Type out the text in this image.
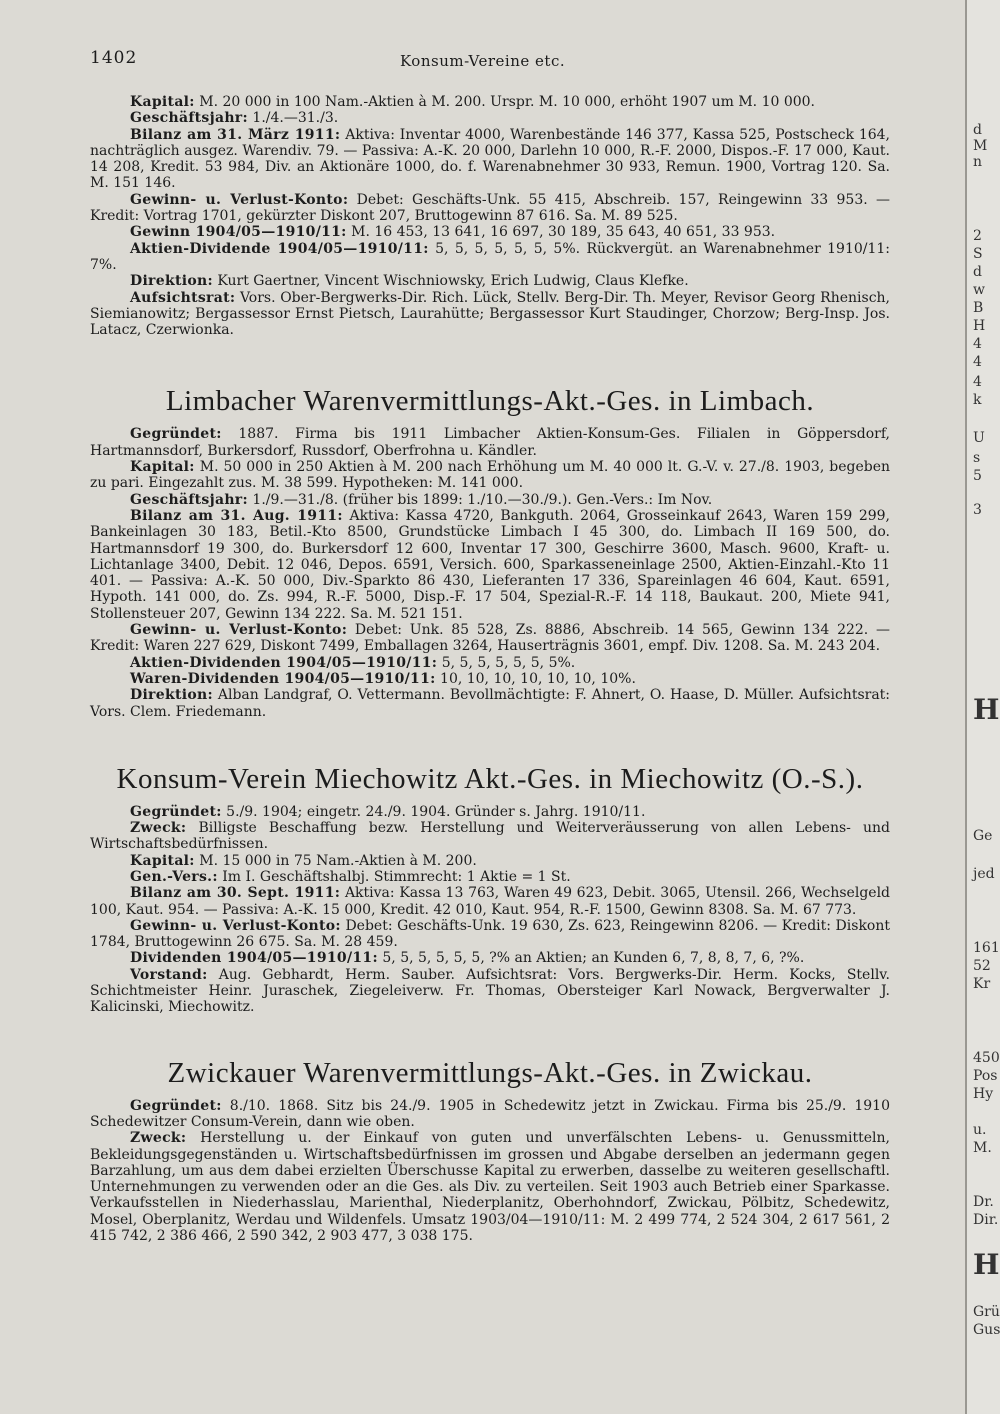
1402	Konsum-Vereine etc.

Kapital: M. 20 000 in 100 Nam.-Aktien à M. 200. Urspr. M. 10 000, erhöht 1907 um M. 10 000.

Geschäftsjahr: 1./4.—31./3.

Bilanz am 31. März 1911: Aktiva: Inventar 4000, Warenbestände 146 377, Kassa 525, Postscheck 164, nachträglich ausgez. Warendiv. 79. — Passiva: A.-K. 20 000, Darlehn 10 000, R.-F. 2000, Dispos.-F. 17 000, Kaut. 14 208, Kredit. 53 984, Div. an Aktionäre 1000, do. f. Warenabnehmer 30 933, Remun. 1900, Vortrag 120. Sa. M. 151 146.

Gewinn- u. Verlust-Konto: Debet: Geschäfts-Unk. 55 415, Abschreib. 157, Reingewinn 33 953. — Kredit: Vortrag 1701, gekürzter Diskont 207, Bruttogewinn 87 616. Sa. M. 89 525.

Gewinn 1904/05—1910/11: M. 16 453, 13 641, 16 697, 30 189, 35 643, 40 651, 33 953.

Aktien-Dividende 1904/05—1910/11: 5, 5, 5, 5, 5, 5, 5%. Rückvergüt. an Warenabnehmer 1910/11: 7%.

Direktion: Kurt Gaertner, Vincent Wischniowsky, Erich Ludwig, Claus Klefke.

Aufsichtsrat: Vors. Ober-Bergwerks-Dir. Rich. Lück, Stellv. Berg-Dir. Th. Meyer, Revisor Georg Rhenisch, Siemianowitz; Bergassessor Ernst Pietsch, Laurahütte; Bergassessor Kurt Staudinger, Chorzow; Berg-Insp. Jos. Latacz, Czerwionka.

Limbacher Warenvermittlungs-Akt.-Ges. in Limbach.

Gegründet: 1887. Firma bis 1911 Limbacher Aktien-Konsum-Ges. Filialen in Göppersdorf, Hartmannsdorf, Burkersdorf, Russdorf, Oberfrohna u. Kändler.

Kapital: M. 50 000 in 250 Aktien à M. 200 nach Erhöhung um M. 40 000 lt. G.-V. v. 27./8. 1903, begeben zu pari. Eingezahlt zus. M. 38 599. Hypotheken: M. 141 000.

Geschäftsjahr: 1./9.—31./8. (früher bis 1899: 1./10.—30./9.). Gen.-Vers.: Im Nov.

Bilanz am 31. Aug. 1911: Aktiva: Kassa 4720, Bankguth. 2064, Grosseinkauf 2643, Waren 159 299, Bankeinlagen 30 183, Betil.-Kto 8500, Grundstücke Limbach I 45 300, do. Limbach II 169 500, do. Hartmannsdorf 19 300, do. Burkersdorf 12 600, Inventar 17 300, Geschirre 3600, Masch. 9600, Kraft- u. Lichtanlage 3400, Debit. 12 046, Depos. 6591, Versich. 600, Sparkasseneinlage 2500, Aktien-Einzahl.-Kto 11 401. — Passiva: A.-K. 50 000, Div.-Sparkto 86 430, Lieferanten 17 336, Spareinlagen 46 604, Kaut. 6591, Hypoth. 141 000, do. Zs. 994, R.-F. 5000, Disp.-F. 17 504, Spezial-R.-F. 14 118, Baukaut. 200, Miete 941, Stollensteuer 207, Gewinn 134 222. Sa. M. 521 151.

Gewinn- u. Verlust-Konto: Debet: Unk. 85 528, Zs. 8886, Abschreib. 14 565, Gewinn 134 222. — Kredit: Waren 227 629, Diskont 7499, Emballagen 3264, Hauserträgnis 3601, empf. Div. 1208. Sa. M. 243 204.

Aktien-Dividenden 1904/05—1910/11: 5, 5, 5, 5, 5, 5, 5%.

Waren-Dividenden 1904/05—1910/11: 10, 10, 10, 10, 10, 10, 10%.

Direktion: Alban Landgraf, O. Vettermann. Bevollmächtigte: F. Ahnert, O. Haase, D. Müller. Aufsichtsrat: Vors. Clem. Friedemann.

Konsum-Verein Miechowitz Akt.-Ges. in Miechowitz (O.-S.).

Gegründet: 5./9. 1904; eingetr. 24./9. 1904. Gründer s. Jahrg. 1910/11.

Zweck: Billigste Beschaffung bezw. Herstellung und Weiterveräusserung von allen Lebens- und Wirtschaftsbedürfnissen.

Kapital: M. 15 000 in 75 Nam.-Aktien à M. 200.

Gen.-Vers.: Im I. Geschäftshalbj. Stimmrecht: 1 Aktie = 1 St.

Bilanz am 30. Sept. 1911: Aktiva: Kassa 13 763, Waren 49 623, Debit. 3065, Utensil. 266, Wechselgeld 100, Kaut. 954. — Passiva: A.-K. 15 000, Kredit. 42 010, Kaut. 954, R.-F. 1500, Gewinn 8308. Sa. M. 67 773.

Gewinn- u. Verlust-Konto: Debet: Geschäfts-Unk. 19 630, Zs. 623, Reingewinn 8206. — Kredit: Diskont 1784, Bruttogewinn 26 675. Sa. M. 28 459.

Dividenden 1904/05—1910/11: 5, 5, 5, 5, 5, 5, ?% an Aktien; an Kunden 6, 7, 8, 8, 7, 6, ?%.

Vorstand: Aug. Gebhardt, Herm. Sauber. Aufsichtsrat: Vors. Bergwerks-Dir. Herm. Kocks, Stellv. Schichtmeister Heinr. Juraschek, Ziegeleiverw. Fr. Thomas, Obersteiger Karl Nowack, Bergverwalter J. Kalicinski, Miechowitz.

Zwickauer Warenvermittlungs-Akt.-Ges. in Zwickau.

Gegründet: 8./10. 1868. Sitz bis 24./9. 1905 in Schedewitz jetzt in Zwickau. Firma bis 25./9. 1910 Schedewitzer Consum-Verein, dann wie oben.

Zweck: Herstellung u. der Einkauf von guten und unverfälschten Lebens- u. Genussmitteln, Bekleidungsgegenständen u. Wirtschaftsbedürfnissen im grossen und Abgabe derselben an jedermann gegen Barzahlung, um aus dem dabei erzielten Überschusse Kapital zu erwerben, dasselbe zu weiteren gesellschaftl. Unternehmungen zu verwenden oder an die Ges. als Div. zu verteilen. Seit 1903 auch Betrieb einer Sparkasse. Verkaufsstellen in Niederhasslau, Marienthal, Niederplanitz, Oberhohndorf, Zwickau, Pölbitz, Schedewitz, Mosel, Oberplanitz, Werdau und Wildenfels. Umsatz 1903/04—1910/11: M. 2 499 774, 2 524 304, 2 617 561, 2 415 742, 2 386 466, 2 590 342, 2 903 477, 3 038 175.

d
M
n
2
S
d
w
B
H
4
4
4
k
U
s
5
3
H
Ge
jed
161
52
Kr
450
Pos
Hy
u.
M.
Dr.
Dir.
H
Grü
Gus
